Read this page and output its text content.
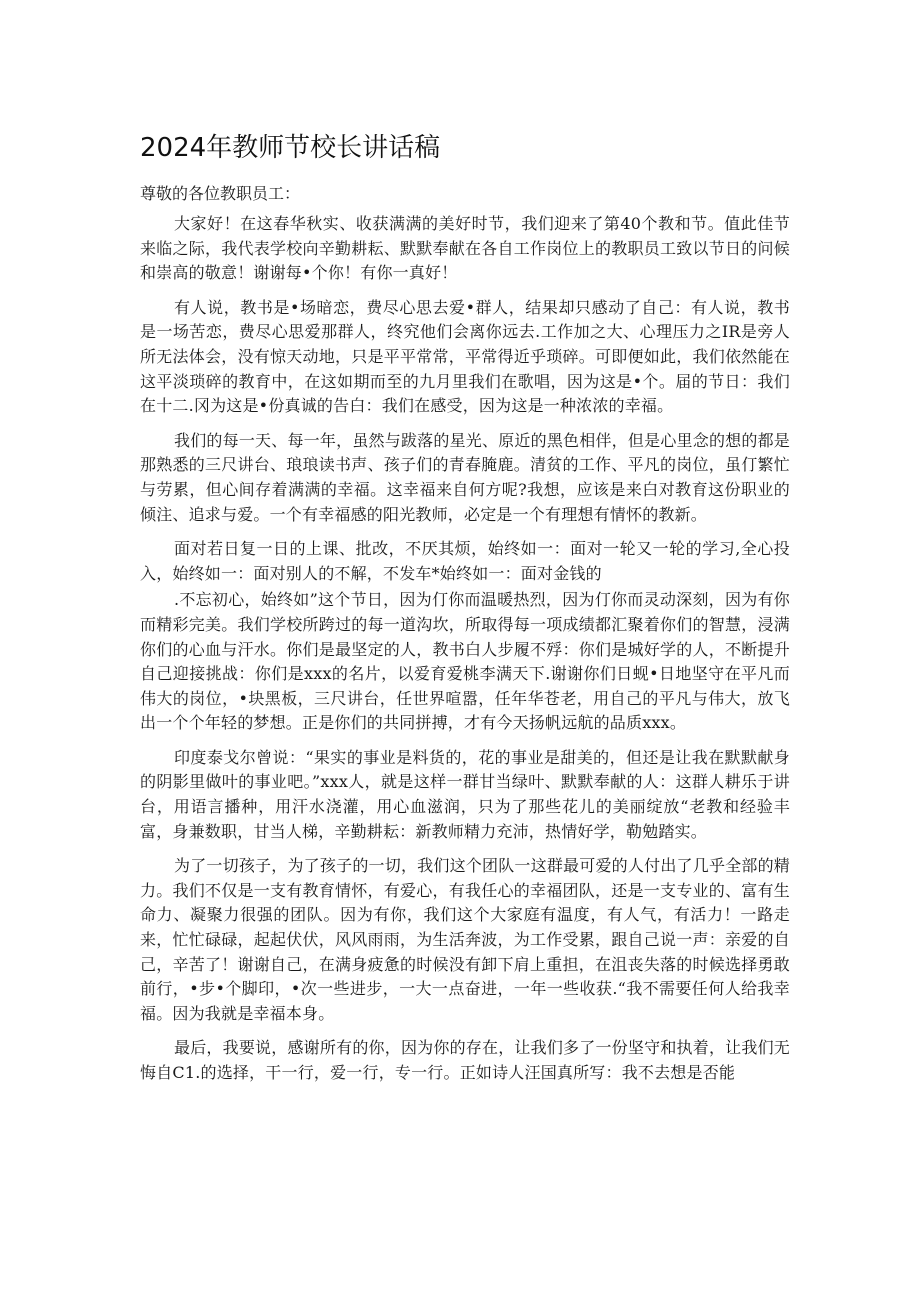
2024年教师节校长讲话稿

尊敬的各位教职员工：

大家好！在这春华秋实、收获满满的美好时节，我们迎来了第40个教和节。值此佳节来临之际，我代表学校向辛勤耕耘、默默奉献在各自工作岗位上的教职员工致以节日的问候和崇高的敬意！谢谢每•个你！有你一真好！

有人说，教书是•场暗恋，费尽心思去爱•群人，结果却只感动了自己：有人说，教书是一场苦恋，费尽心思爱那群人，终究他们会离你远去.工作加之大、心理压力之IR是旁人所无法体会，没有惊天动地，只是平平常常，平常得近乎琐碎。可即便如此，我们依然能在这平淡琐碎的教育中，在这如期而至的九月里我们在歌唱，因为这是•个。届的节日：我们在十二.冈为这是•份真诚的告白：我们在感受，因为这是一种浓浓的幸福。

我们的每一天、每一年，虽然与跋落的星光、原近的黑色相伴，但是心里念的想的都是那熟悉的三尺讲台、琅琅读书声、孩子们的青春腌鹿。清贫的工作、平凡的岗位，虽仃繁忙与劳累，但心间存着满满的幸福。这幸福来自何方呢?我想，应该是来白对教育这份职业的倾注、追求与爱。一个有幸福感的阳光教师，必定是一个有理想有情怀的教新。

面对若日复一日的上课、批改，不厌其烦，始终如一：面对一轮又一轮的学习,全心投入，始终如一：面对别人的不解，不发车*始终如一：面对金钱的

.不忘初心，始终如”这个节日，因为仃你而温暖热烈，因为仃你而灵动深刻，因为有你而精彩完美。我们学校所跨过的每一道沟坎，所取得每一项成绩都汇聚着你们的智慧，浸满你们的心血与汗水。你们是最坚定的人，教书白人步履不殍：你们是城好学的人，不断提升自己迎接挑战：你们是xxx的名片，以爱育爱桃李满天下.谢谢你们日蚬•日地坚守在平凡而伟大的岗位，•块黑板，三尺讲台，任世界喧嚣，任年华苍老，用自己的平凡与伟大，放飞出一个个年轻的梦想。正是你们的共同拼搏，才有今天扬帆远航的品质xxx。

印度泰戈尔曾说：“果实的事业是料货的，花的事业是甜美的，但还是让我在默默献身的阴影里做叶的事业吧。”xxx人，就是这样一群甘当绿叶、默默奉献的人：这群人耕乐于讲台，用语言播种，用汗水浇灌，用心血滋润，只为了那些花儿的美丽绽放“老教和经验丰富，身兼数职，甘当人梯，辛勤耕耘：新教师精力充沛，热情好学，勒勉踏实。

为了一切孩子，为了孩子的一切，我们这个团队一这群最可爱的人付出了几乎全部的精力。我们不仅是一支有教育情怀，有爱心，有我任心的幸福团队，还是一支专业的、富有生命力、凝聚力很强的团队。因为有你，我们这个大家庭有温度，有人气，有活力！一路走来，忙忙碌碌，起起伏伏，风风雨雨，为生活奔波，为工作受累，跟自己说一声：亲爱的自己，辛苦了！谢谢自己，在满身疲惫的时候没有卸下肩上重担，在沮丧失落的时候选择勇敢前行，•步•个脚印，•次一些进步，一大一点奋进，一年一些收获.“我不需要任何人给我幸福。因为我就是幸福本身。

最后，我要说，感谢所有的你，因为你的存在，让我们多了一份坚守和执着，让我们无悔自C1.的选择，干一行，爱一行，专一行。正如诗人汪国真所写：我不去想是否能
